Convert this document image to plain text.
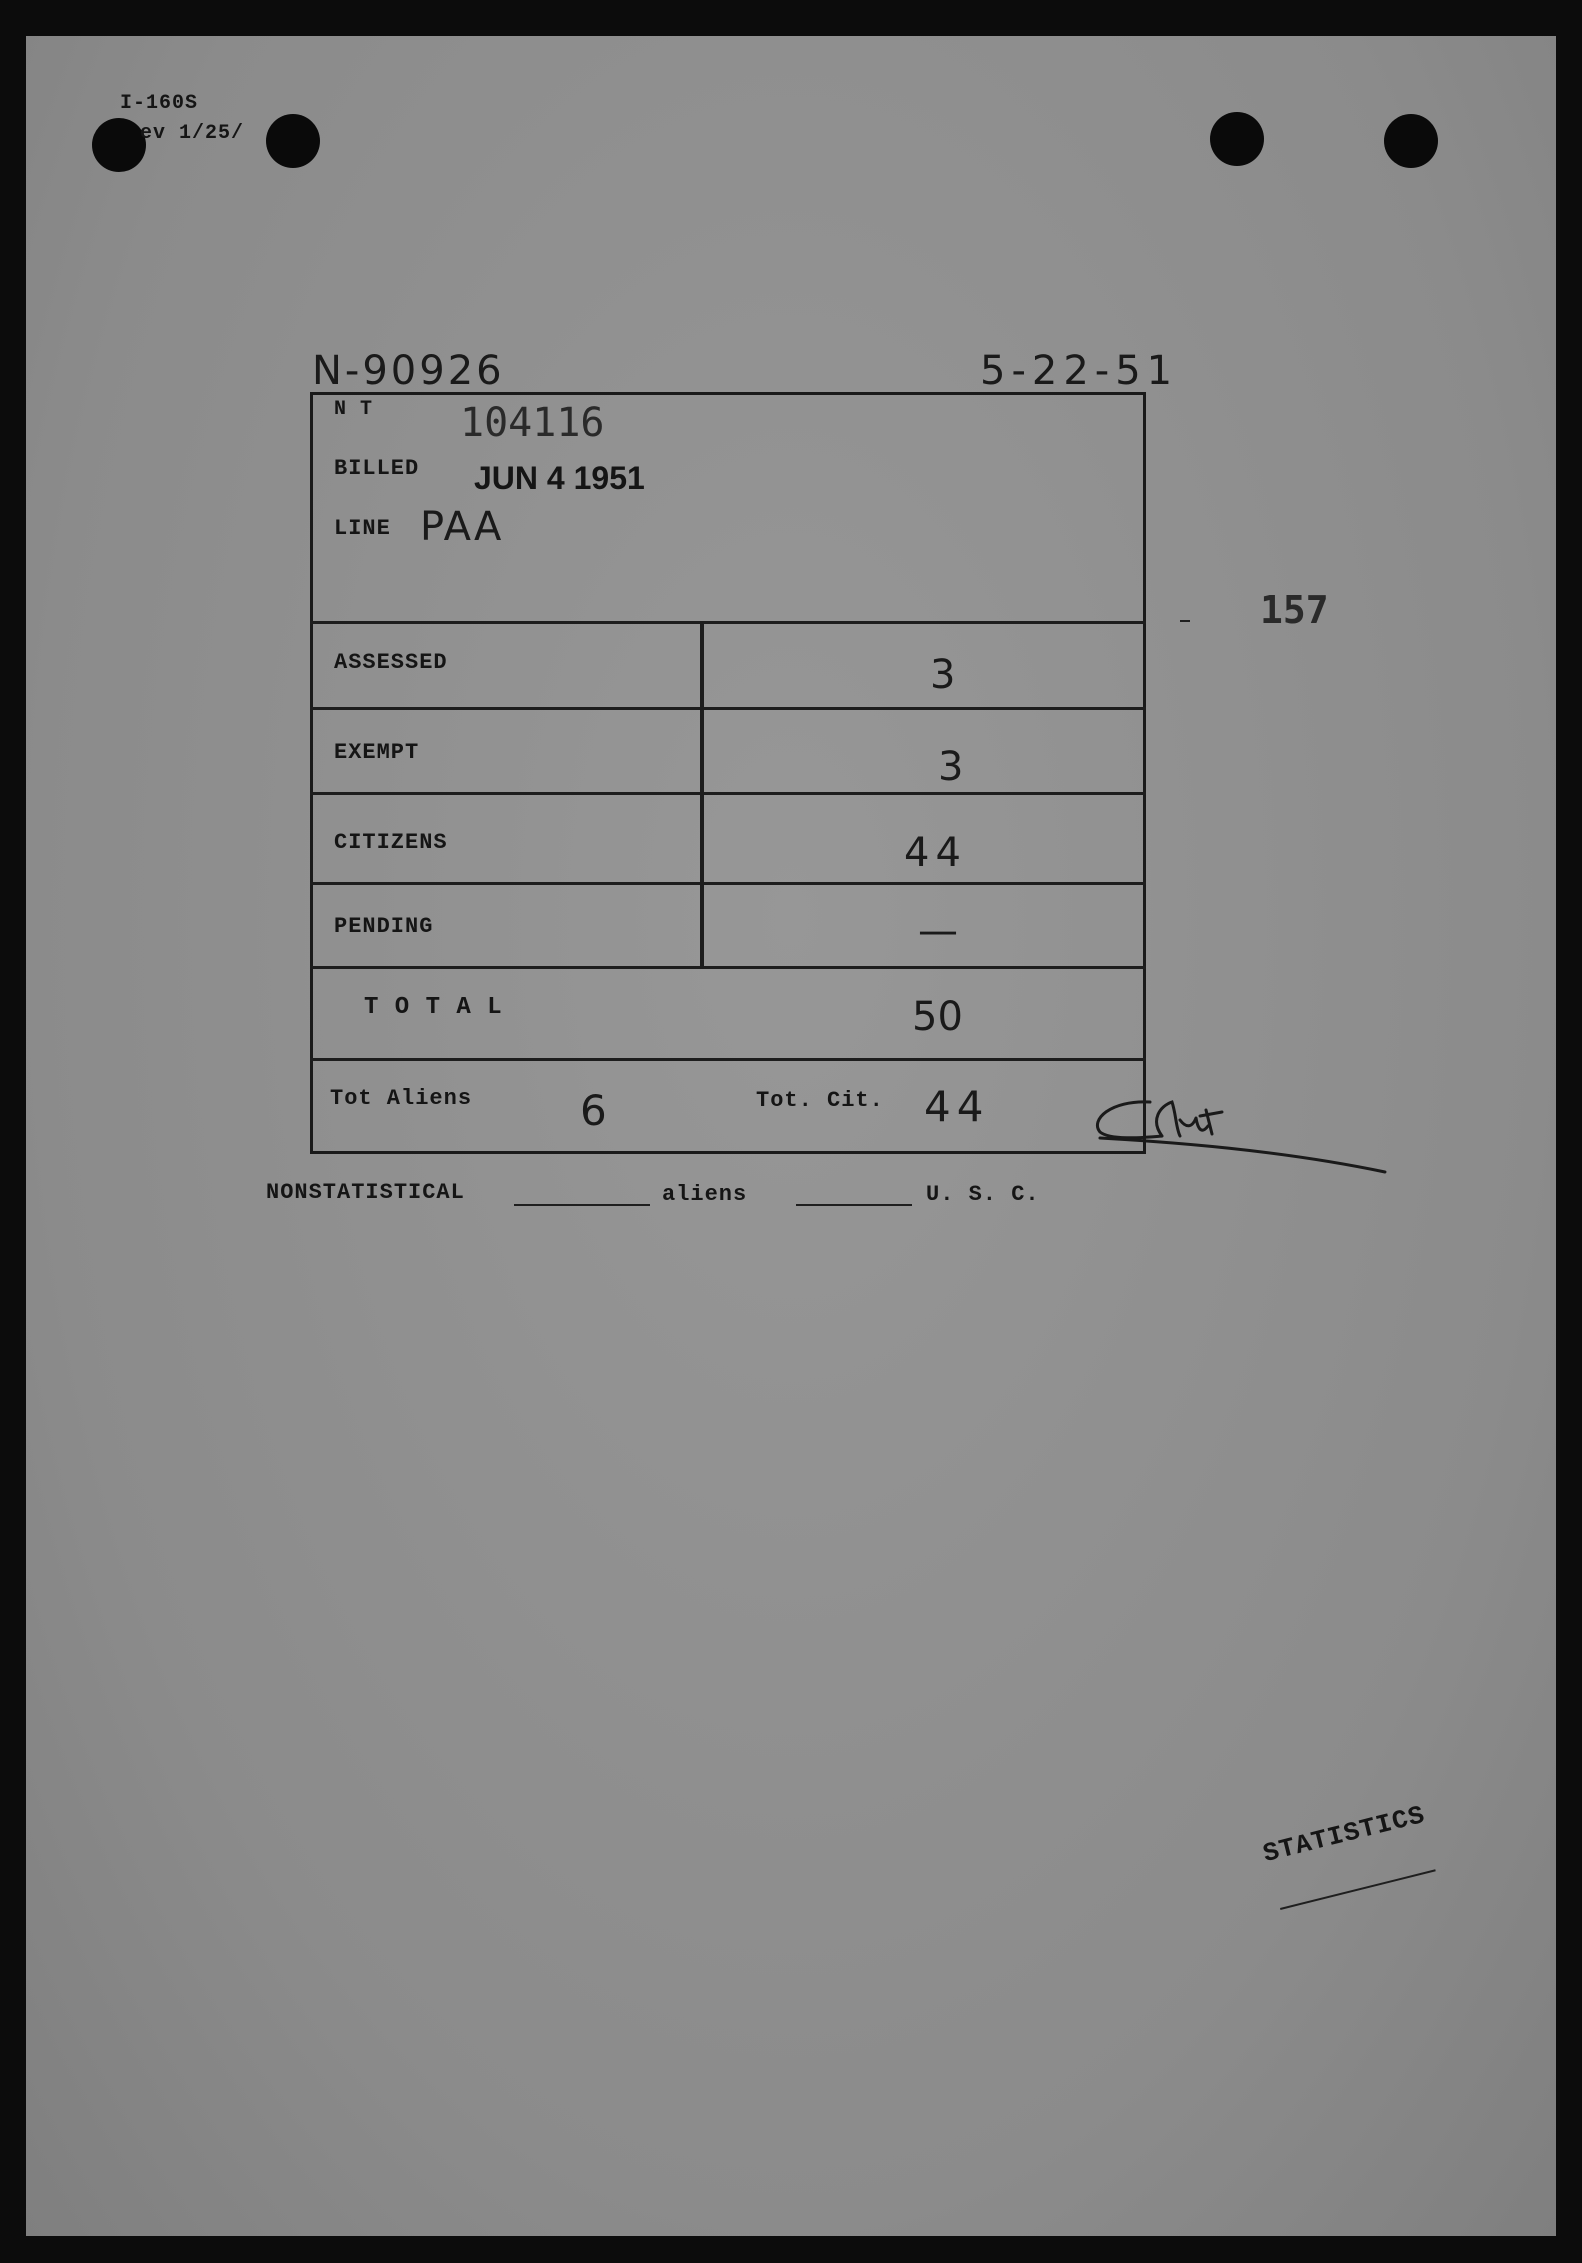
I-160S
ev 1/25/
N-90926	5-22-51
N T 104116
BILLED JUN 4 1951
LINE PAA
157
ASSESSED	3
EXEMPT	3
CITIZENS	44
PENDING	—
T O T A L	50
Tot Aliens	6	Tot. Cit. 44
NONSTATISTICAL	aliens	U. S. C.
STATISTICS
